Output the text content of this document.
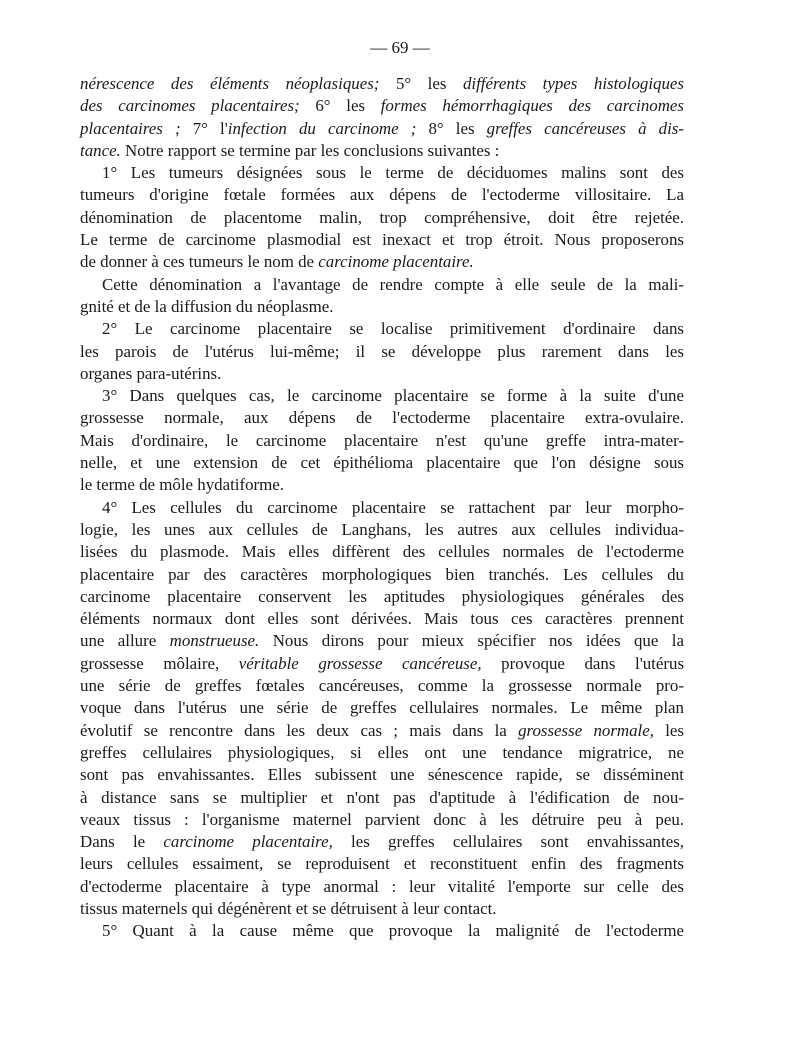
— 69 —
nérescence des éléments néoplasiques; 5° les différents types histologiques
des carcinomes placentaires; 6° les formes hémorrhagiques des carcinomes
placentaires ; 7° l'infection du carcinome ; 8° les greffes cancéreuses à dis-
tance. Notre rapport se termine par les conclusions suivantes :
1° Les tumeurs désignées sous le terme de déciduomes malins sont des
tumeurs d'origine fœtale formées aux dépens de l'ectoderme villositaire. La
dénomination de placentome malin, trop compréhensive, doit être rejetée.
Le terme de carcinome plasmodial est inexact et trop étroit. Nous proposerons
de donner à ces tumeurs le nom de carcinome placentaire.
Cette dénomination a l'avantage de rendre compte à elle seule de la mali-
gnité et de la diffusion du néoplasme.
2° Le carcinome placentaire se localise primitivement d'ordinaire dans
les parois de l'utérus lui-même; il se développe plus rarement dans les
organes para-utérins.
3° Dans quelques cas, le carcinome placentaire se forme à la suite d'une
grossesse normale, aux dépens de l'ectoderme placentaire extra-ovulaire.
Mais d'ordinaire, le carcinome placentaire n'est qu'une greffe intra-mater-
nelle, et une extension de cet épithélioma placentaire que l'on désigne sous
le terme de môle hydatiforme.
4° Les cellules du carcinome placentaire se rattachent par leur morpho-
logie, les unes aux cellules de Langhans, les autres aux cellules individua-
lisées du plasmode. Mais elles diffèrent des cellules normales de l'ectoderme
placentaire par des caractères morphologiques bien tranchés. Les cellules du
carcinome placentaire conservent les aptitudes physiologiques générales des
éléments normaux dont elles sont dérivées. Mais tous ces caractères prennent
une allure monstrueuse. Nous dirons pour mieux spécifier nos idées que la
grossesse môlaire, véritable grossesse cancéreuse, provoque dans l'utérus
une série de greffes fœtales cancéreuses, comme la grossesse normale pro-
voque dans l'utérus une série de greffes cellulaires normales. Le même plan
évolutif se rencontre dans les deux cas ; mais dans la grossesse normale, les
greffes cellulaires physiologiques, si elles ont une tendance migratrice, ne
sont pas envahissantes. Elles subissent une sénescence rapide, se disséminent
à distance sans se multiplier et n'ont pas d'aptitude à l'édification de nou-
veaux tissus : l'organisme maternel parvient donc à les détruire peu à peu.
Dans le carcinome placentaire, les greffes cellulaires sont envahissantes,
leurs cellules essaiment, se reproduisent et reconstituent enfin des fragments
d'ectoderme placentaire à type anormal : leur vitalité l'emporte sur celle des
tissus maternels qui dégénèrent et se détruisent à leur contact.
5° Quant à la cause même que provoque la malignité de l'ectoderme
